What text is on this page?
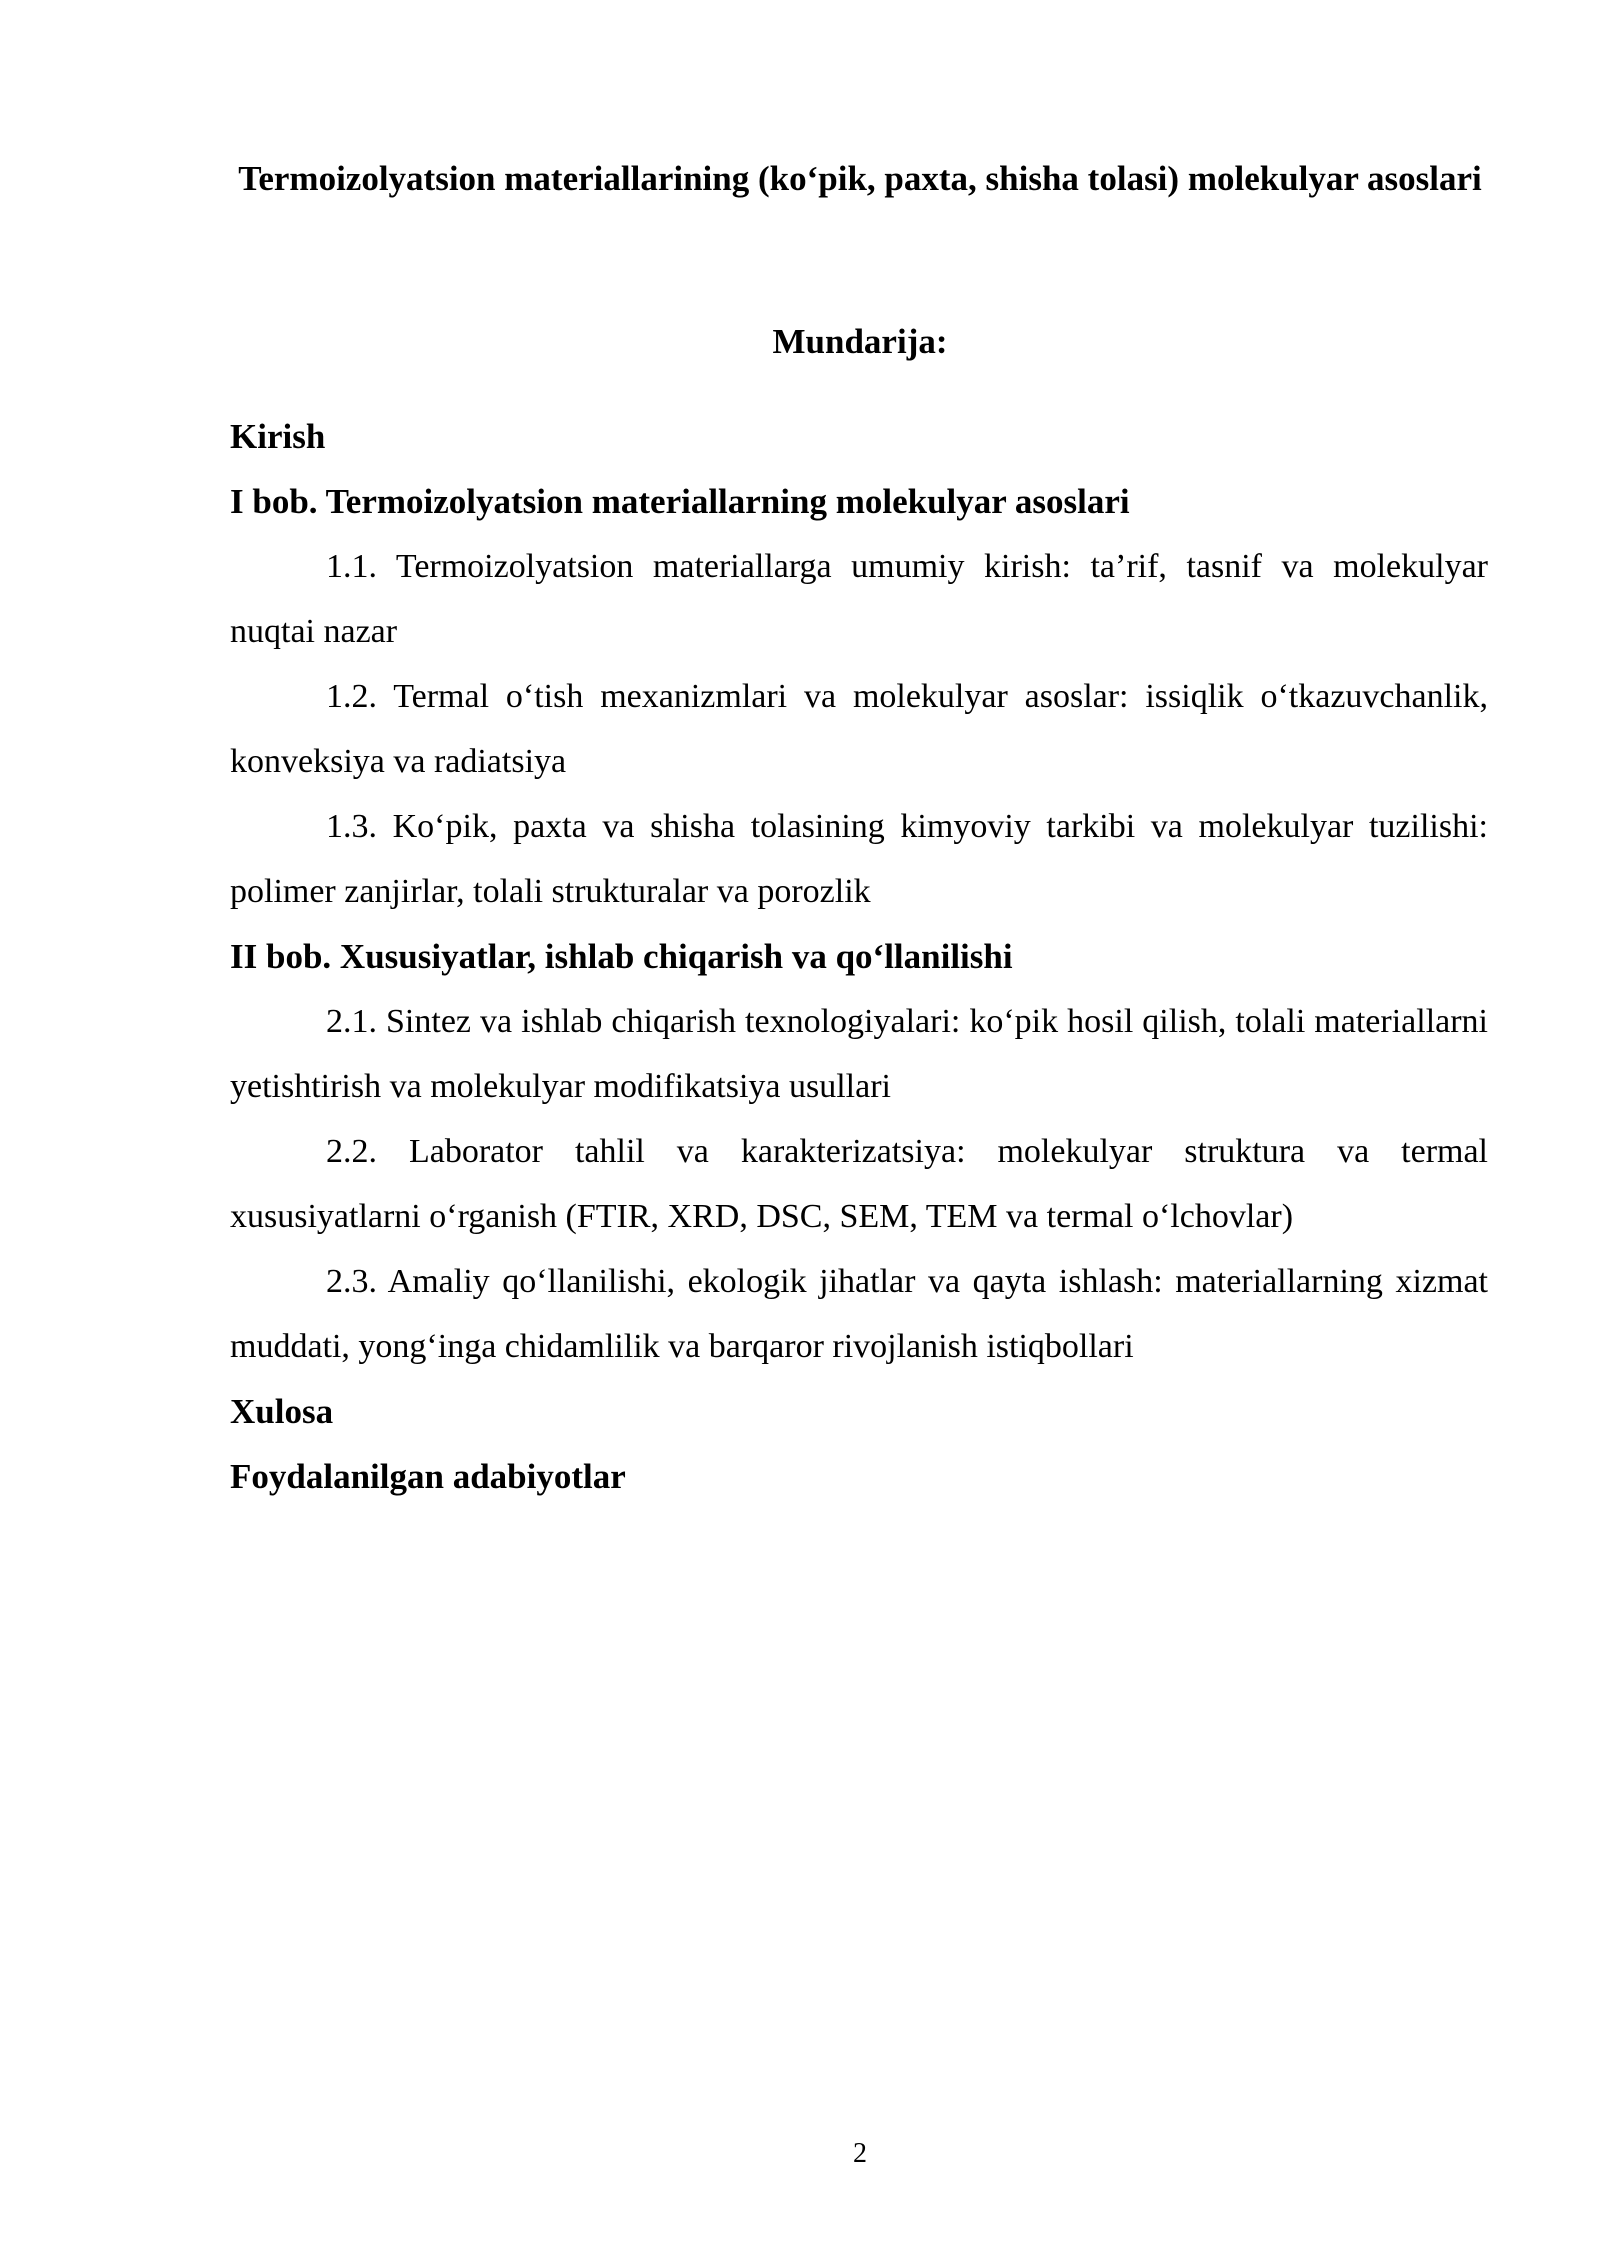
Termoizolyatsion materiallarining (ko‘pik, paxta, shisha tolasi) molekulyar asoslari
Mundarija:

Kirish

I bob. Termoizolyatsion materiallarning molekulyar asoslari

1.1. Termoizolyatsion materiallarga umumiy kirish: ta’rif, tasnif va molekulyar nuqtai nazar

1.2. Termal o‘tish mexanizmlari va molekulyar asoslar: issiqlik o‘tkazuvchanlik, konveksiya va radiatsiya

1.3. Ko‘pik, paxta va shisha tolasining kimyoviy tarkibi va molekulyar tuzilishi: polimer zanjirlar, tolali strukturalar va porozlik

II bob. Xususiyatlar, ishlab chiqarish va qo‘llanilishi

2.1. Sintez va ishlab chiqarish texnologiyalari: ko‘pik hosil qilish, tolali materiallarni yetishtirish va molekulyar modifikatsiya usullari

2.2. Laborator tahlil va karakterizatsiya: molekulyar struktura va termal xususiyatlarni o‘rganish (FTIR, XRD, DSC, SEM, TEM va termal o‘lchovlar)

2.3. Amaliy qo‘llanilishi, ekologik jihatlar va qayta ishlash: materiallarning xizmat muddati, yong‘inga chidamlilik va barqaror rivojlanish istiqbollari

Xulosa

Foydalanilgan adabiyotlar

2
